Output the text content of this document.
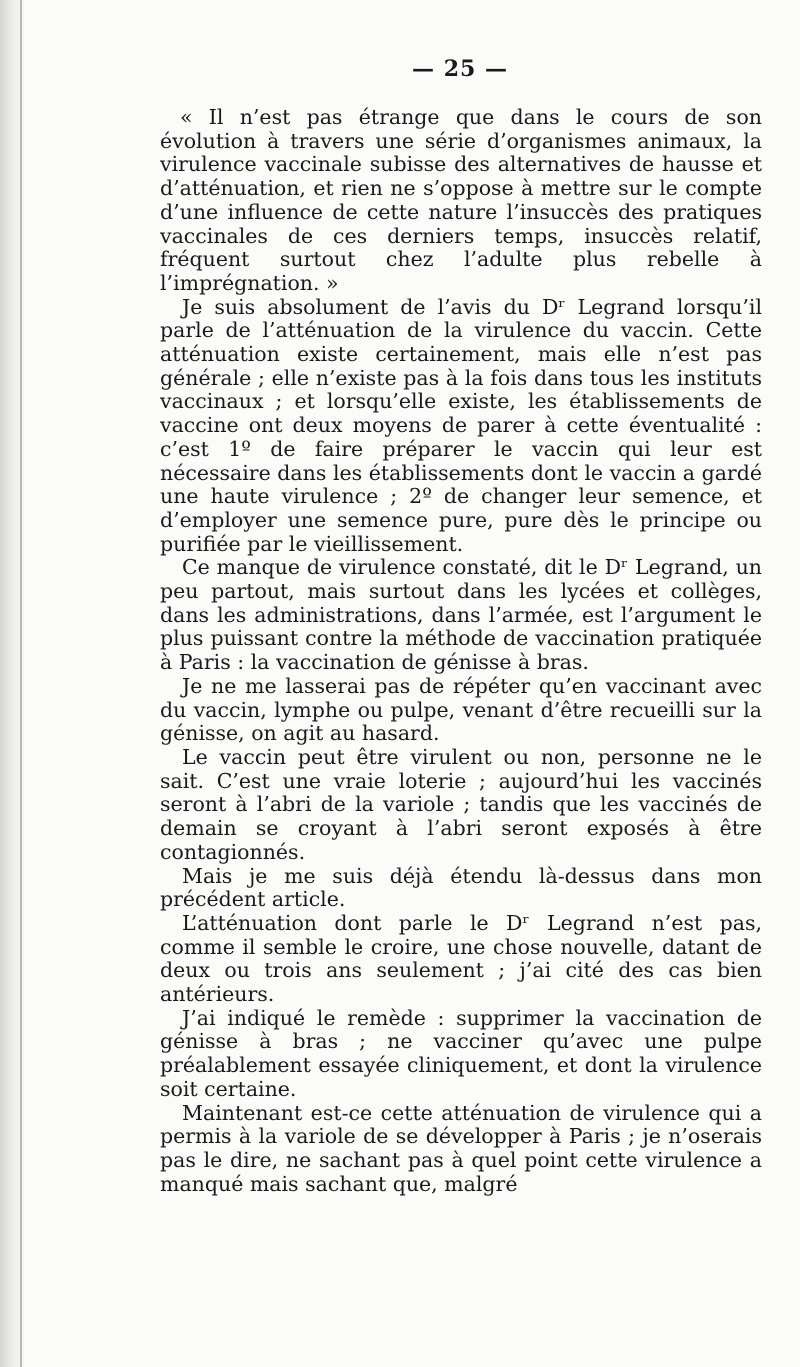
— 25 —

« Il n’est pas étrange que dans le cours de son évolution à travers une série d’organismes animaux, la virulence vaccinale subisse des alternatives de hausse et d’atténuation, et rien ne s’oppose à mettre sur le compte d’une influence de cette nature l’insuccès des pratiques vaccinales de ces derniers temps, insuccès relatif, fréquent surtout chez l’adulte plus rebelle à l’imprégnation. »

Je suis absolument de l’avis du Dʳ Legrand lorsqu’il parle de l’atténuation de la virulence du vaccin. Cette atténuation existe certainement, mais elle n’est pas générale ; elle n’existe pas à la fois dans tous les instituts vaccinaux ; et lorsqu’elle existe, les établissements de vaccine ont deux moyens de parer à cette éventualité : c’est 1º de faire préparer le vaccin qui leur est nécessaire dans les établissements dont le vaccin a gardé une haute virulence ; 2º de changer leur semence, et d’employer une semence pure, pure dès le principe ou purifiée par le vieillissement.

Ce manque de virulence constaté, dit le Dʳ Legrand, un peu partout, mais surtout dans les lycées et collèges, dans les administrations, dans l’armée, est l’argument le plus puissant contre la méthode de vaccination pratiquée à Paris : la vaccination de génisse à bras.

Je ne me lasserai pas de répéter qu’en vaccinant avec du vaccin, lymphe ou pulpe, venant d’être recueilli sur la génisse, on agit au hasard.

Le vaccin peut être virulent ou non, personne ne le sait. C’est une vraie loterie ; aujourd’hui les vaccinés seront à l’abri de la variole ; tandis que les vaccinés de demain se croyant à l’abri seront exposés à être contagionnés.

Mais je me suis déjà étendu là-dessus dans mon précédent article.

L’atténuation dont parle le Dʳ Legrand n’est pas, comme il semble le croire, une chose nouvelle, datant de deux ou trois ans seulement ; j’ai cité des cas bien antérieurs.

J’ai indiqué le remède : supprimer la vaccination de génisse à bras ; ne vacciner qu’avec une pulpe préalablement essayée cliniquement, et dont la virulence soit certaine.

Maintenant est-ce cette atténuation de virulence qui a permis à la variole de se développer à Paris ; je n’oserais pas le dire, ne sachant pas à quel point cette virulence a manqué mais sachant que, malgré
